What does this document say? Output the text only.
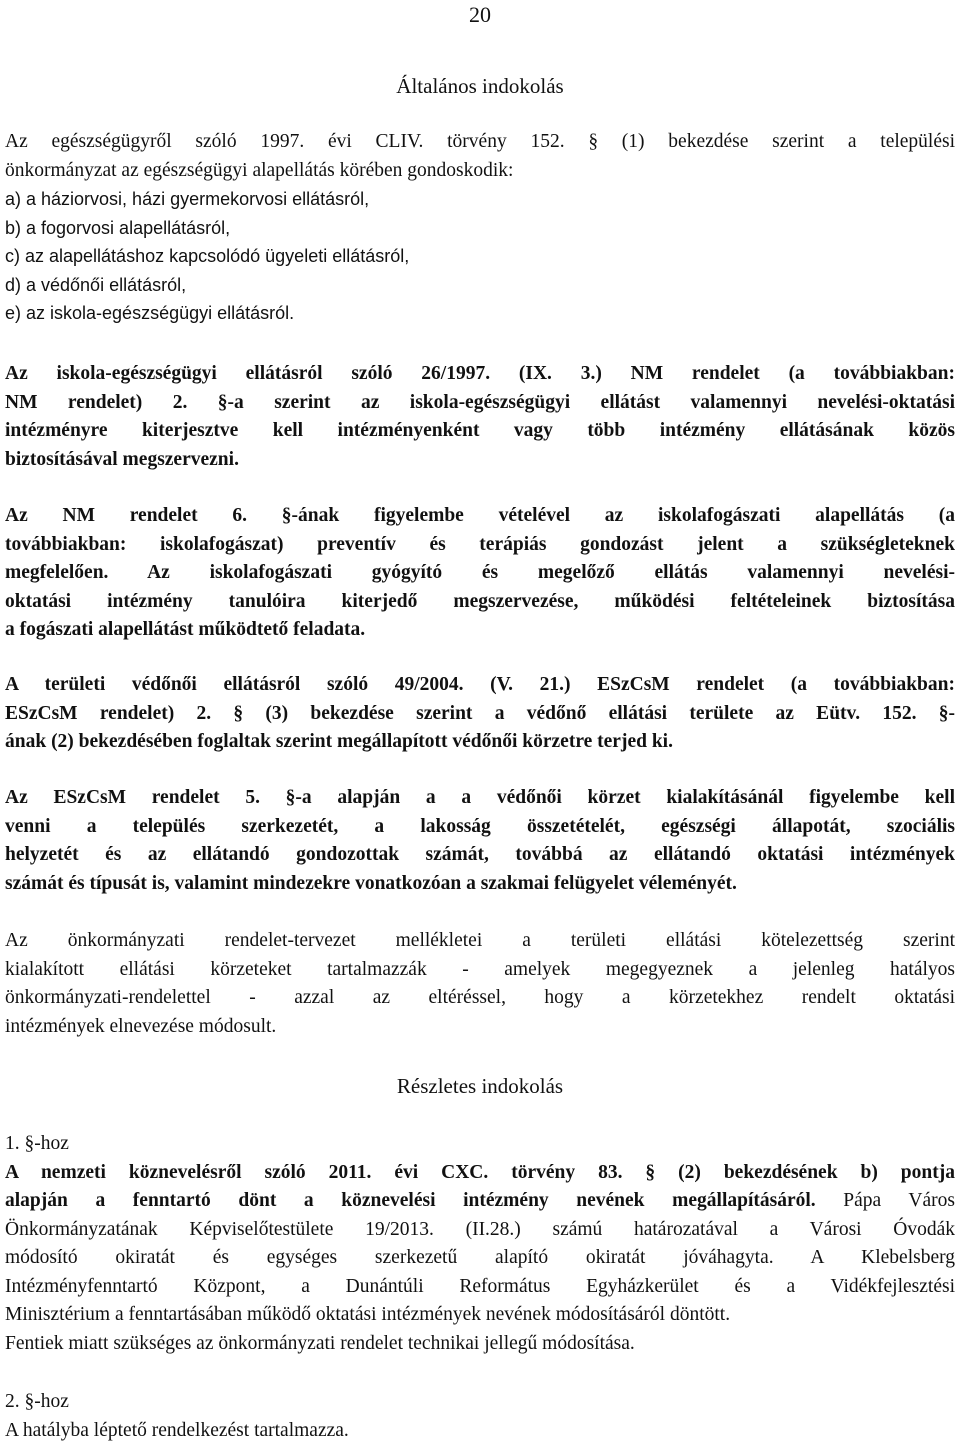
20
Általános indokolás
Az egészségügyről szóló 1997. évi CLIV. törvény 152. § (1) bekezdése szerint a települési
önkormányzat az egészségügyi alapellátás körében gondoskodik:
a) a háziorvosi, házi gyermekorvosi ellátásról,
b) a fogorvosi alapellátásról,
c) az alapellátáshoz kapcsolódó ügyeleti ellátásról,
d) a védőnői ellátásról,
e) az iskola-egészségügyi ellátásról.
Az iskola-egészségügyi ellátásról szóló 26/1997. (IX. 3.) NM rendelet (a továbbiakban:
NM rendelet) 2. §-a szerint az iskola-egészségügyi ellátást valamennyi nevelési-oktatási
intézményre kiterjesztve kell intézményenként vagy több intézmény ellátásának közös
biztosításával megszervezni.
Az NM rendelet 6. §-ának figyelembe vételével az iskolafogászati alapellátás (a
továbbiakban: iskolafogászat) preventív és terápiás gondozást jelent a szükségleteknek
megfelelően. Az iskolafogászati gyógyító és megelőző ellátás valamennyi nevelési-
oktatási intézmény tanulóira kiterjedő megszervezése, működési feltételeinek biztosítása
a fogászati alapellátást működtető feladata.
A területi védőnői ellátásról szóló 49/2004. (V. 21.) ESzCsM rendelet (a továbbiakban:
ESzCsM rendelet) 2. § (3) bekezdése szerint a védőnő ellátási területe az Eütv. 152. §-
ának (2) bekezdésében foglaltak szerint megállapított védőnői körzetre terjed ki.
Az ESzCsM rendelet 5. §-a alapján a a védőnői körzet kialakításánál figyelembe kell
venni a település szerkezetét, a lakosság összetételét, egészségi állapotát, szociális
helyzetét és az ellátandó gondozottak számát, továbbá az ellátandó oktatási intézmények
számát és típusát is, valamint mindezekre vonatkozóan a szakmai felügyelet véleményét.
Az önkormányzati rendelet-tervezet mellékletei a területi ellátási kötelezettség szerint
kialakított ellátási körzeteket tartalmazzák - amelyek megegyeznek a jelenleg hatályos
önkormányzati-rendelettel - azzal az eltéréssel, hogy a körzetekhez rendelt oktatási
intézmények elnevezése módosult.
Részletes indokolás
1. §-hoz
A nemzeti köznevelésről szóló 2011. évi CXC. törvény 83. § (2) bekezdésének b) pontja
alapján a fenntartó dönt a köznevelési intézmény nevének megállapításáról. Pápa Város
Önkormányzatának Képviselőtestülete 19/2013. (II.28.) számú határozatával a Városi Óvodák
módosító okiratát és egységes szerkezetű alapító okiratát jóváhagyta. A Klebelsberg
Intézményfenntartó Központ, a Dunántúli Református Egyházkerület és a Vidékfejlesztési
Minisztérium a fenntartásában működő oktatási intézmények nevének módosításáról döntött.
Fentiek miatt szükséges az önkormányzati rendelet technikai jellegű módosítása.
2. §-hoz
A hatályba léptető rendelkezést tartalmazza.
